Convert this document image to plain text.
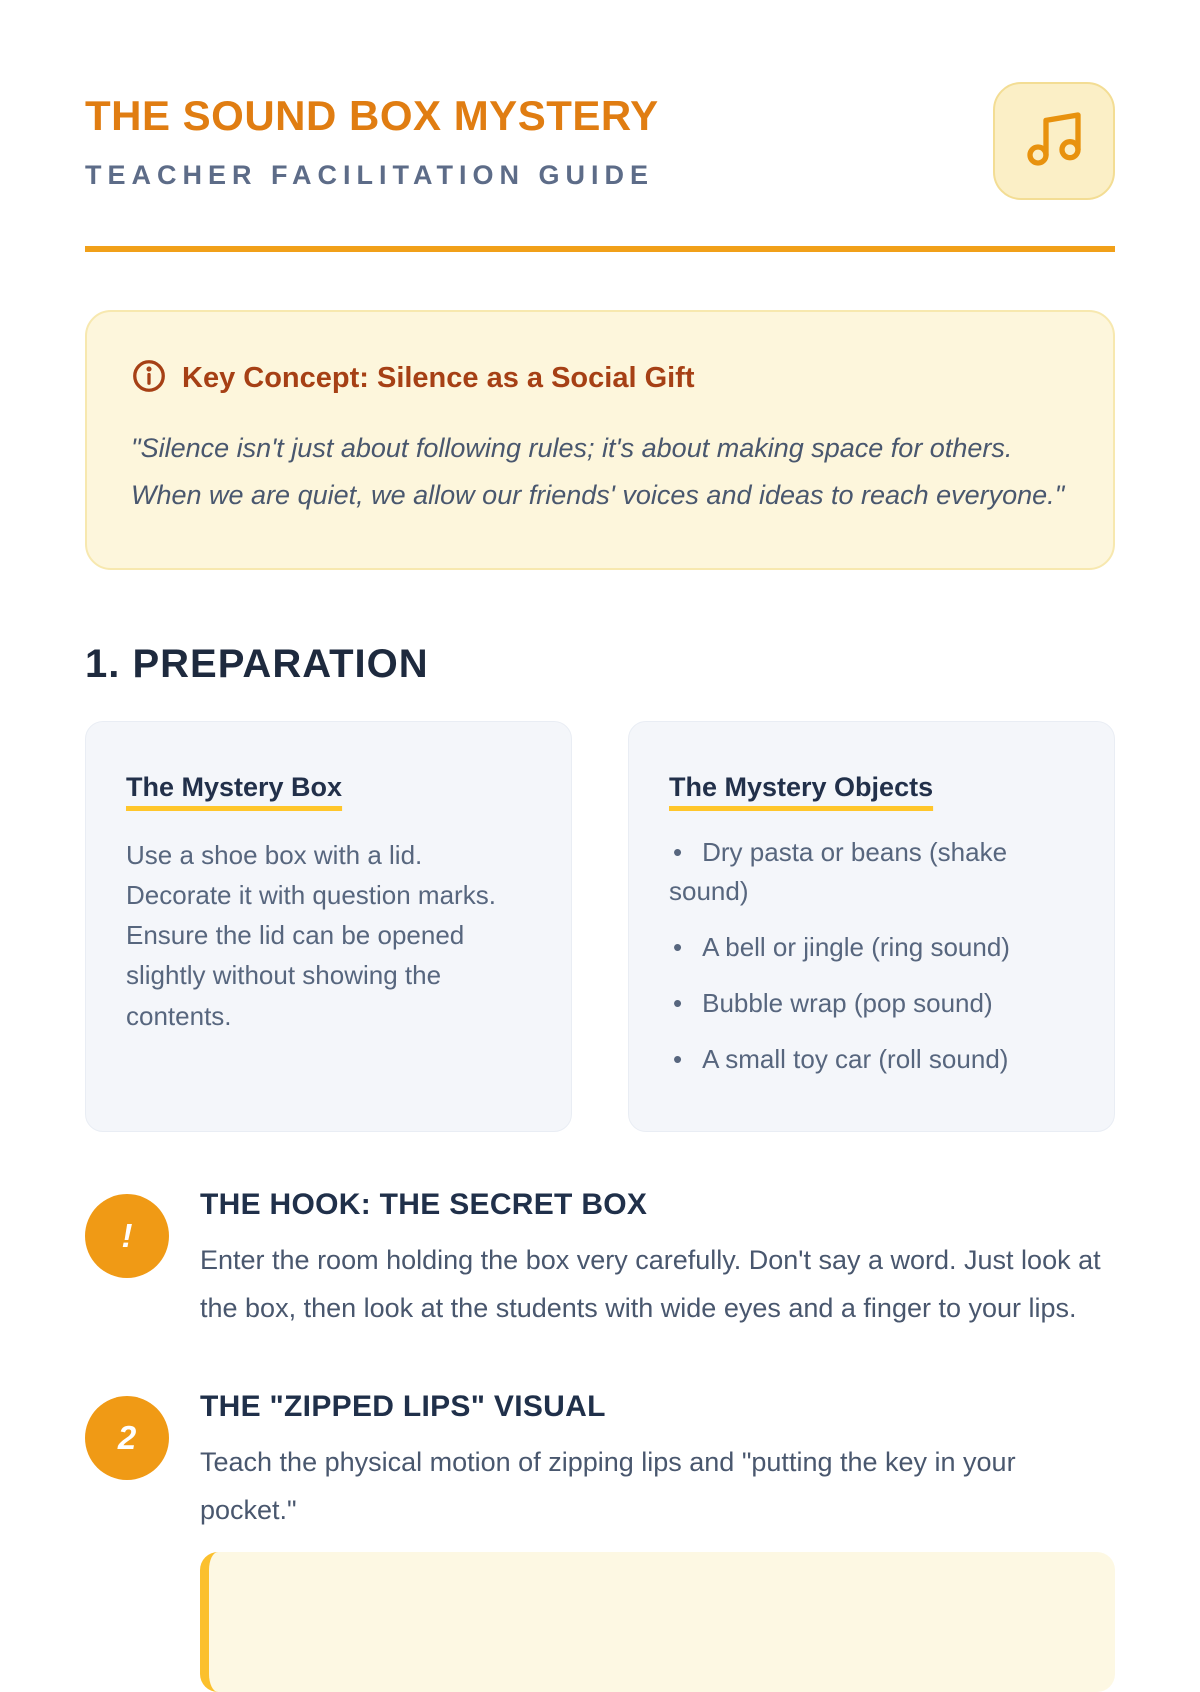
THE SOUND BOX MYSTERY
TEACHER FACILITATION GUIDE
Key Concept: Silence as a Social Gift
"Silence isn't just about following rules; it's about making space for others. When we are quiet, we allow our friends' voices and ideas to reach everyone."
1. PREPARATION
The Mystery Box
Use a shoe box with a lid. Decorate it with question marks. Ensure the lid can be opened slightly without showing the contents.
The Mystery Objects
• Dry pasta or beans (shake sound)
• A bell or jingle (ring sound)
• Bubble wrap (pop sound)
• A small toy car (roll sound)
!
THE HOOK: THE SECRET BOX
Enter the room holding the box very carefully. Don't say a word. Just look at the box, then look at the students with wide eyes and a finger to your lips.
2
THE "ZIPPED LIPS" VISUAL
Teach the physical motion of zipping lips and "putting the key in your pocket."
